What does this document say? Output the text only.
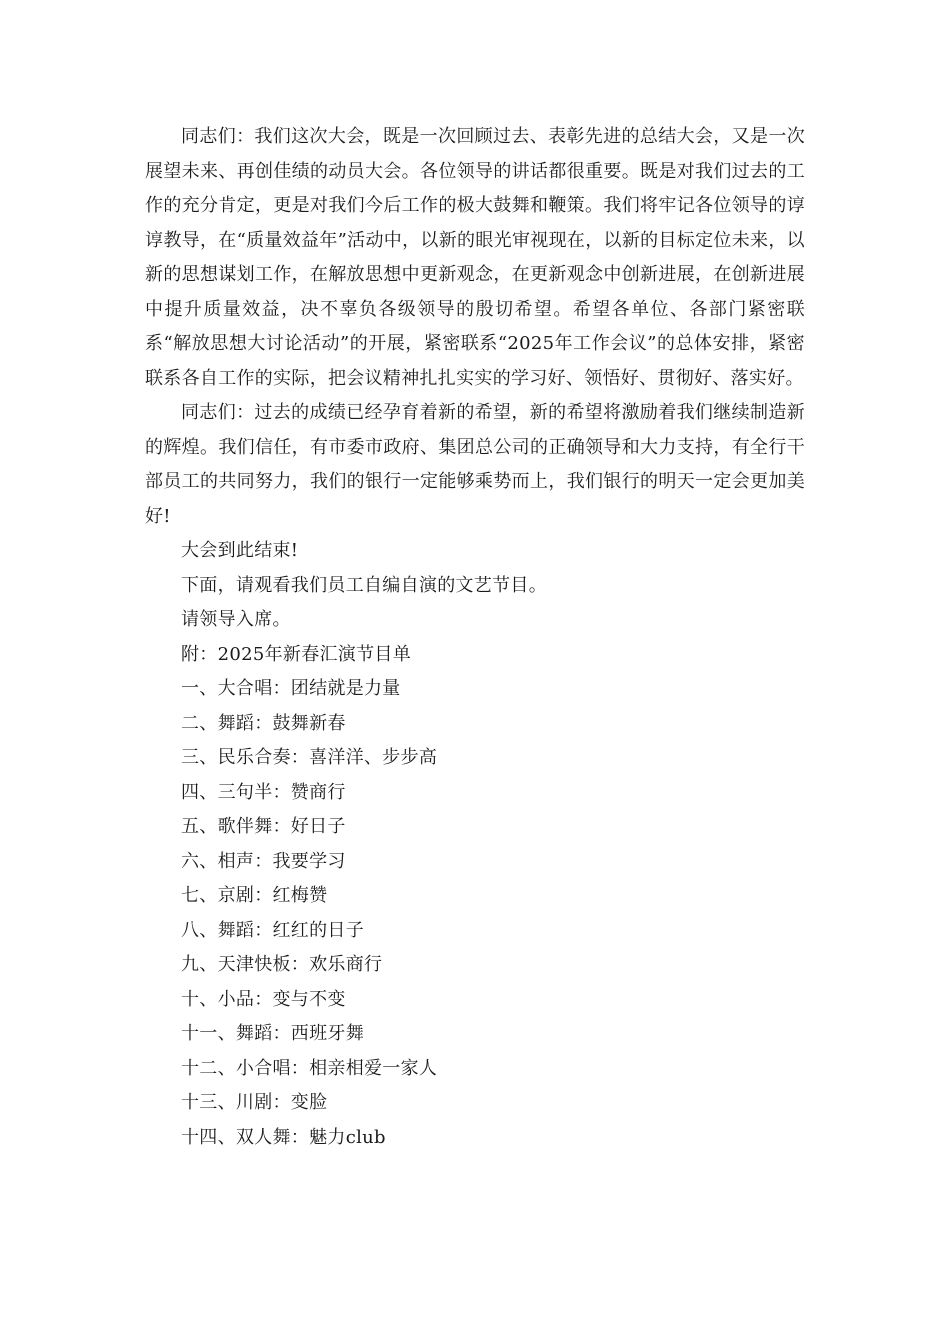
同志们：我们这次大会，既是一次回顾过去、表彰先进的总结大会，又是一次展望未来、再创佳绩的动员大会。各位领导的讲话都很重要。既是对我们过去的工作的充分肯定，更是对我们今后工作的极大鼓舞和鞭策。我们将牢记各位领导的谆谆教导，在“质量效益年”活动中，以新的眼光审视现在，以新的目标定位未来，以新的思想谋划工作，在解放思想中更新观念，在更新观念中创新进展，在创新进展中提升质量效益，决不辜负各级领导的殷切希望。希望各单位、各部门紧密联系“解放思想大讨论活动”的开展，紧密联系“2025年工作会议”的总体安排，紧密联系各自工作的实际，把会议精神扎扎实实的学习好、领悟好、贯彻好、落实好。

同志们：过去的成绩已经孕育着新的希望，新的希望将激励着我们继续制造新的辉煌。我们信任，有市委市政府、集团总公司的正确领导和大力支持，有全行干部员工的共同努力，我们的银行一定能够乘势而上，我们银行的明天一定会更加美好!

大会到此结束!

下面，请观看我们员工自编自演的文艺节目。

请领导入席。

附：2025年新春汇演节目单

一、大合唱：团结就是力量

二、舞蹈：鼓舞新春

三、民乐合奏：喜洋洋、步步高

四、三句半：赞商行

五、歌伴舞：好日子

六、相声：我要学习

七、京剧：红梅赞

八、舞蹈：红红的日子

九、天津快板：欢乐商行

十、小品：变与不变

十一、舞蹈：西班牙舞

十二、小合唱：相亲相爱一家人

十三、川剧：变脸

十四、双人舞：魅力club
